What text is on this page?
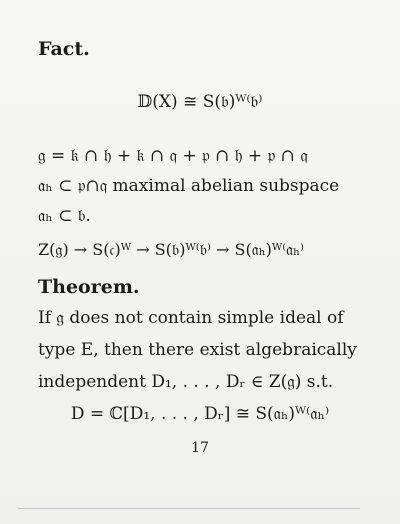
Fact.
𝔻(X) ≅ S(𝔟)ᵂ⁽𝔟⁾
𝔤 = 𝔨 ∩ 𝔥 + 𝔨 ∩ 𝔮 + 𝔭 ∩ 𝔥 + 𝔭 ∩ 𝔮
𝔞ₕ ⊂ 𝔭∩𝔮 maximal abelian subspace
𝔞ₕ ⊂ 𝔟.
Z(𝔤) → S(𝔠)ᵂ → S(𝔟)ᵂ⁽𝔟⁾ → S(𝔞ₕ)ᵂ⁽𝔞ₕ⁾
Theorem.
If 𝔤 does not contain simple ideal of
type E, then there exist algebraically
independent D₁, . . . , Dᵣ ∈ Z(𝔤) s.t.
D = ℂ[D₁, . . . , Dᵣ] ≅ S(𝔞ₕ)ᵂ⁽𝔞ₕ⁾
17
